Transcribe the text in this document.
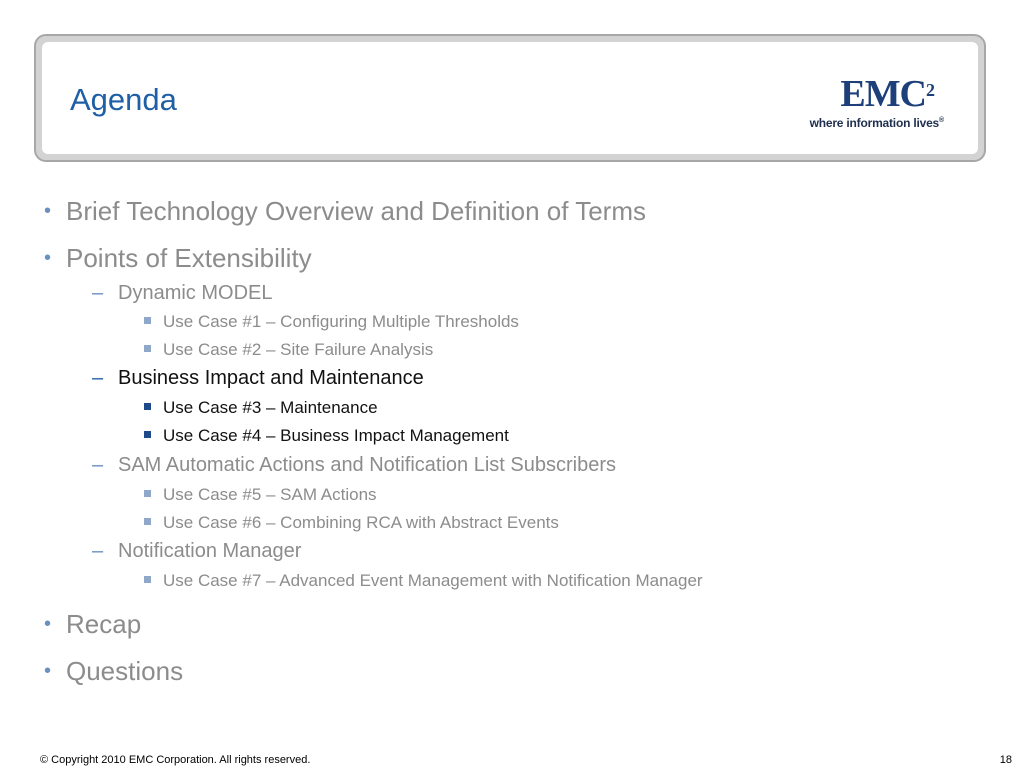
Agenda	EMC$^2$
where information lives®
• Brief Technology Overview and Definition of Terms
• Points of Extensibility
– Dynamic MODEL
Use Case #1 – Configuring Multiple Thresholds
Use Case #2 – Site Failure Analysis
– Business Impact and Maintenance
Use Case #3 – Maintenance
Use Case #4 – Business Impact Management
– SAM Automatic Actions and Notification List Subscribers
Use Case #5 – SAM Actions
Use Case #6 – Combining RCA with Abstract Events
– Notification Manager
Use Case #7 – Advanced Event Management with Notification Manager
• Recap
• Questions
© Copyright 2010 EMC Corporation. All rights reserved.	18
